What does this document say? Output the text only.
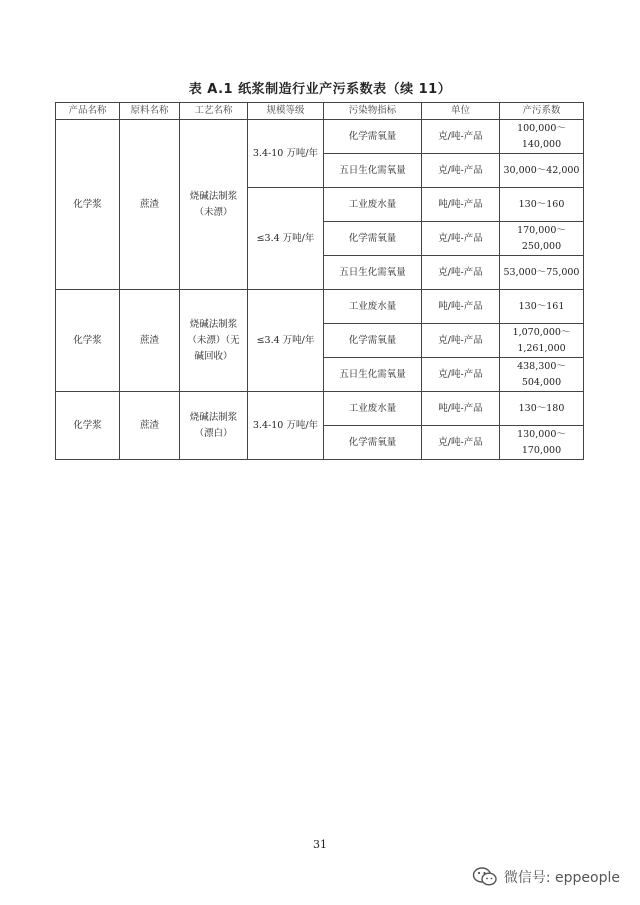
表 A.1 纸浆制造行业产污系数表（续 11）
产品名称	原料名称	工艺名称	规模等级	污染物指标	单位	产污系数
化学浆	蔗渣	烧碱法制浆（未漂）	3.4-10 万吨/年	化学需氧量	克/吨-产品	100,000～140,000
				五日生化需氧量	克/吨-产品	30,000～42,000
			≤3.4 万吨/年	工业废水量	吨/吨-产品	130～160
				化学需氧量	克/吨-产品	170,000～250,000
				五日生化需氧量	克/吨-产品	53,000～75,000
化学浆	蔗渣	烧碱法制浆（未漂）（无碱回收）	≤3.4 万吨/年	工业废水量	吨/吨-产品	130～161
				化学需氧量	克/吨-产品	1,070,000～1,261,000
				五日生化需氧量	克/吨-产品	438,300～504,000
化学浆	蔗渣	烧碱法制浆（漂白）	3.4-10 万吨/年	工业废水量	吨/吨-产品	130～180
				化学需氧量	克/吨-产品	130,000～170,000
31
微信号: eppeople
